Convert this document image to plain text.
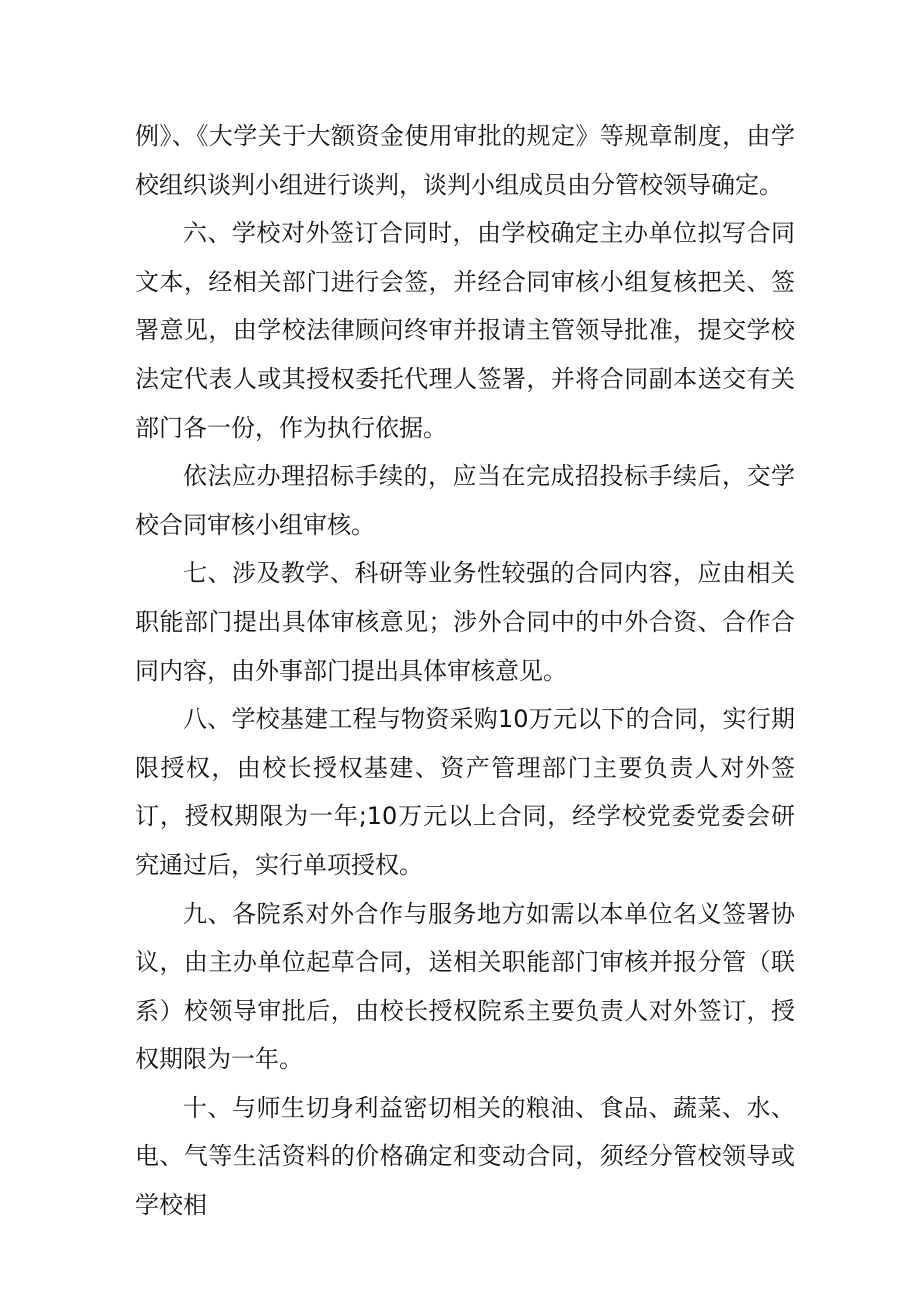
例》、《大学关于大额资金使用审批的规定》等规章制度，由学校组织谈判小组进行谈判，谈判小组成员由分管校领导确定。

六、学校对外签订合同时，由学校确定主办单位拟写合同文本，经相关部门进行会签，并经合同审核小组复核把关、签署意见，由学校法律顾问终审并报请主管领导批准，提交学校法定代表人或其授权委托代理人签署，并将合同副本送交有关部门各一份，作为执行依据。

依法应办理招标手续的，应当在完成招投标手续后，交学校合同审核小组审核。

七、涉及教学、科研等业务性较强的合同内容，应由相关职能部门提出具体审核意见；涉外合同中的中外合资、合作合同内容，由外事部门提出具体审核意见。

八、学校基建工程与物资采购10万元以下的合同，实行期限授权，由校长授权基建、资产管理部门主要负责人对外签订，授权期限为一年;10万元以上合同，经学校党委党委会研究通过后，实行单项授权。

九、各院系对外合作与服务地方如需以本单位名义签署协议，由主办单位起草合同，送相关职能部门审核并报分管（联系）校领导审批后，由校长授权院系主要负责人对外签订，授权期限为一年。

十、与师生切身利益密切相关的粮油、食品、蔬菜、水、电、气等生活资料的价格确定和变动合同，须经分管校领导或学校相
